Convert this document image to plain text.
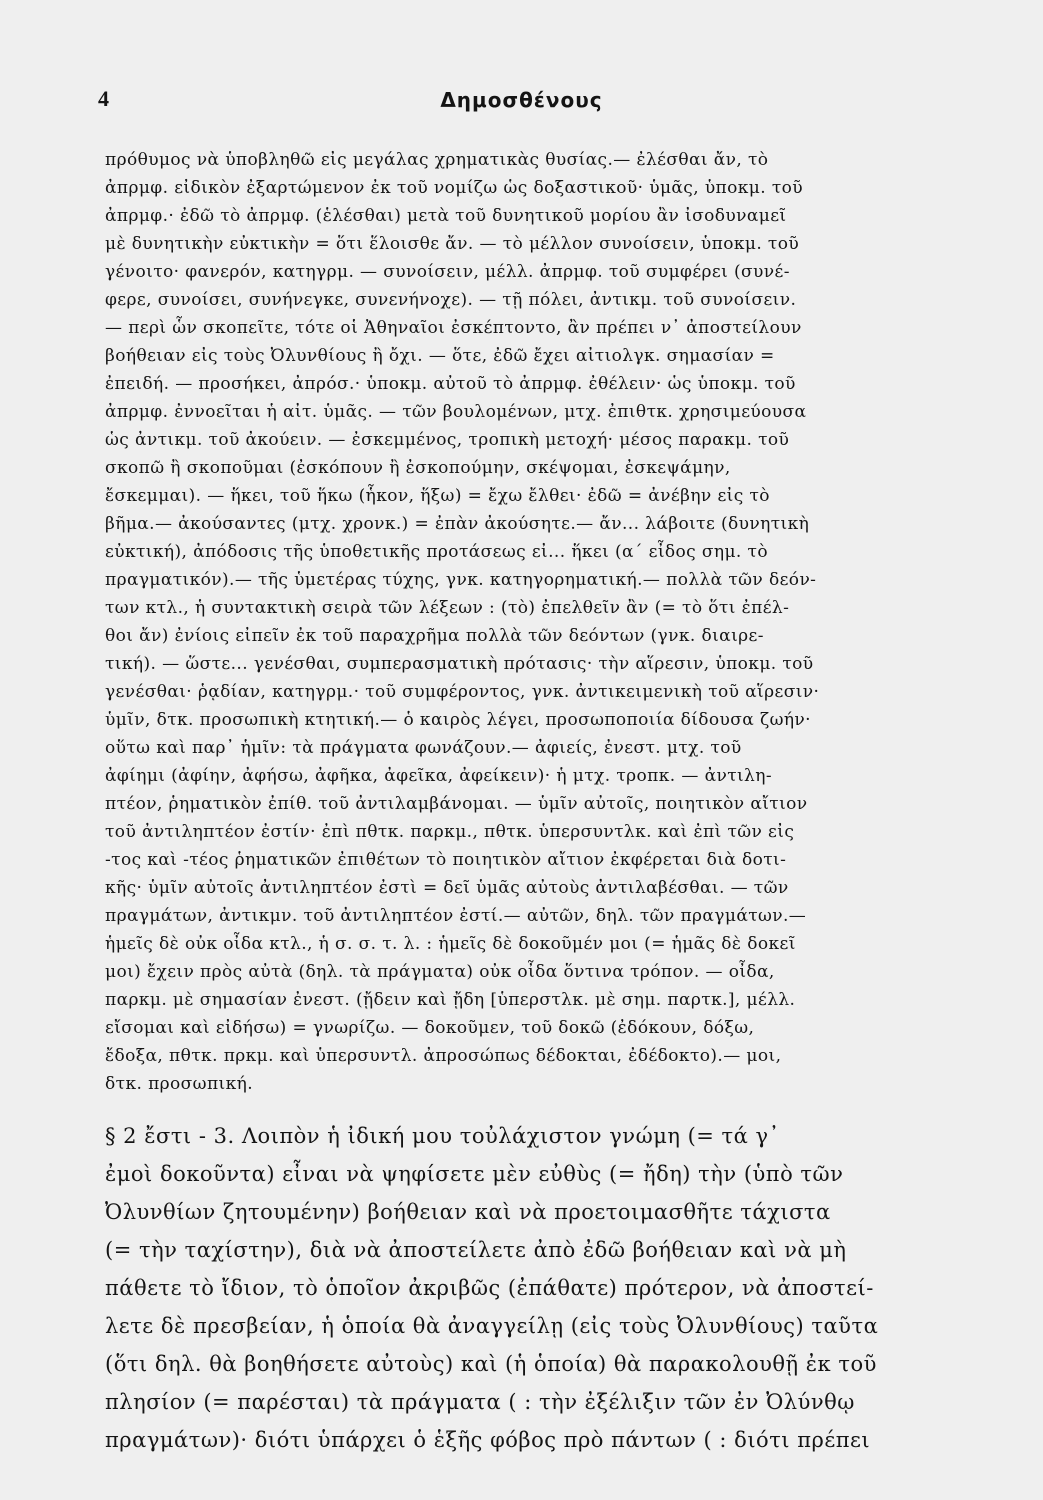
4	Δημοσθένους
πρόθυμος νὰ ὑποβληθῶ εἰς μεγάλας χρηματικὰς θυσίας.— ἐλέσθαι ἄν, τὸ
ἀπρμφ. εἰδικὸν ἐξαρτώμενον ἐκ τοῦ νομίζω ὡς δοξαστικοῦ· ὑμᾶς, ὑποκμ. τοῦ
ἀπρμφ.· ἐδῶ τὸ ἀπρμφ. (ἑλέσθαι) μετὰ τοῦ δυνητικοῦ μορίου ἂν ἰσοδυναμεῖ
μὲ δυνητικὴν εὐκτικὴν = ὅτι ἕλοισθε ἄν. — τὸ μέλλον συνοίσειν, ὑποκμ. τοῦ
γένοιτο· φανερόν, κατηγρμ. — συνοίσειν, μέλλ. ἀπρμφ. τοῦ συμφέρει (συνέ-
φερε, συνοίσει, συνήνεγκε, συνενήνοχε). — τῇ πόλει, ἀντικμ. τοῦ συνοίσειν.
— περὶ ὧν σκοπεῖτε, τότε οἱ Ἀθηναῖοι ἐσκέπτοντο, ἂν πρέπει ν᾽ ἀποστείλουν
βοήθειαν εἰς τοὺς Ὀλυνθίους ἢ ὄχι. — ὅτε, ἐδῶ ἔχει αἰτιολγκ. σημασίαν =
ἐπειδή. — προσήκει, ἀπρόσ.· ὑποκμ. αὐτοῦ τὸ ἀπρμφ. ἐθέλειν· ὡς ὑποκμ. τοῦ
ἀπρμφ. ἐννοεῖται ἡ αἰτ. ὑμᾶς. — τῶν βουλομένων, μτχ. ἐπιθτκ. χρησιμεύουσα
ὡς ἀντικμ. τοῦ ἀκούειν. — ἐσκεμμένος, τροπικὴ μετοχή· μέσος παρακμ. τοῦ
σκοπῶ ἢ σκοποῦμαι (ἐσκόπουν ἢ ἐσκοπούμην, σκέψομαι, ἐσκεψάμην,
ἔσκεμμαι). — ἥκει, τοῦ ἥκω (ἧκον, ἥξω) = ἔχω ἔλθει· ἐδῶ = ἀνέβην εἰς τὸ
βῆμα.— ἀκούσαντες (μτχ. χρονκ.) = ἐπὰν ἀκούσητε.— ἄν... λάβοιτε (δυνητικὴ
εὐκτική), ἀπόδοσις τῆς ὑποθετικῆς προτάσεως εἰ... ἥκει (α΄ εἶδος σημ. τὸ
πραγματικόν).— τῆς ὑμετέρας τύχης, γνκ. κατηγορηματική.— πολλὰ τῶν δεόν-
των κτλ., ἡ συντακτικὴ σειρὰ τῶν λέξεων : (τὸ) ἐπελθεῖν ἂν (= τὸ ὅτι ἐπέλ-
θοι ἄν) ἐνίοις εἰπεῖν ἐκ τοῦ παραχρῆμα πολλὰ τῶν δεόντων (γνκ. διαιρε-
τική). — ὥστε... γενέσθαι, συμπερασματικὴ πρότασις· τὴν αἵρεσιν, ὑποκμ. τοῦ
γενέσθαι· ῥᾳδίαν, κατηγρμ.· τοῦ συμφέροντος, γνκ. ἀντικειμενικὴ τοῦ αἵρεσιν·
ὑμῖν, δτκ. προσωπικὴ κτητική.— ὁ καιρὸς λέγει, προσωποποιία δίδουσα ζωήν·
οὕτω καὶ παρ᾽ ἡμῖν: τὰ πράγματα φωνάζουν.— ἀφιείς, ἐνεστ. μτχ. τοῦ
ἀφίημι (ἀφίην, ἀφήσω, ἀφῆκα, ἀφεῖκα, ἀφείκειν)· ἡ μτχ. τροπκ. — ἀντιλη-
πτέον, ῥηματικὸν ἐπίθ. τοῦ ἀντιλαμβάνομαι. — ὑμῖν αὐτοῖς, ποιητικὸν αἴτιον
τοῦ ἀντιληπτέον ἐστίν· ἐπὶ πθτκ. παρκμ., πθτκ. ὑπερσυντλκ. καὶ ἐπὶ τῶν εἰς
-τος καὶ -τέος ῥηματικῶν ἐπιθέτων τὸ ποιητικὸν αἴτιον ἐκφέρεται διὰ δοτι-
κῆς· ὑμῖν αὐτοῖς ἀντιληπτέον ἐστὶ = δεῖ ὑμᾶς αὐτοὺς ἀντιλαβέσθαι. — τῶν
πραγμάτων, ἀντικμν. τοῦ ἀντιληπτέον ἐστί.— αὐτῶν, δηλ. τῶν πραγμάτων.—
ἡμεῖς δὲ οὐκ οἶδα κτλ., ἡ σ. σ. τ. λ. : ἡμεῖς δὲ δοκοῦμέν μοι (= ἡμᾶς δὲ δοκεῖ
μοι) ἔχειν πρὸς αὐτὰ (δηλ. τὰ πράγματα) οὐκ οἶδα ὅντινα τρόπον. — οἶδα,
παρκμ. μὲ σημασίαν ἐνεστ. (ᾔδειν καὶ ᾔδη [ὑπερστλκ. μὲ σημ. παρτκ.], μέλλ.
εἴσομαι καὶ εἰδήσω) = γνωρίζω. — δοκοῦμεν, τοῦ δοκῶ (ἐδόκουν, δόξω,
ἔδοξα, πθτκ. πρκμ. καὶ ὑπερσυντλ. ἀπροσώπως δέδοκται, ἐδέδοκτο).— μοι,
δτκ. προσωπική.
§ 2 ἔστι - 3. Λοιπὸν ἡ ἰδική μου τοὐλάχιστον γνώμη (= τά γ᾽
ἐμοὶ δοκοῦντα) εἶναι νὰ ψηφίσετε μὲν εὐθὺς (= ἤδη) τὴν (ὑπὸ τῶν
Ὀλυνθίων ζητουμένην) βοήθειαν καὶ νὰ προετοιμασθῆτε τάχιστα
(= τὴν ταχίστην), διὰ νὰ ἀποστείλετε ἀπὸ ἐδῶ βοήθειαν καὶ νὰ μὴ
πάθετε τὸ ἴδιον, τὸ ὁποῖον ἀκριβῶς (ἐπάθατε) πρότερον, νὰ ἀποστεί-
λετε δὲ πρεσβείαν, ἡ ὁποία θὰ ἀναγγείλῃ (εἰς τοὺς Ὀλυνθίους) ταῦτα
(ὅτι δηλ. θὰ βοηθήσετε αὐτοὺς) καὶ (ἡ ὁποία) θὰ παρακολουθῇ ἐκ τοῦ
πλησίον (= παρέσται) τὰ πράγματα ( : τὴν ἐξέλιξιν τῶν ἐν Ὀλύνθῳ
πραγμάτων)· διότι ὑπάρχει ὁ ἑξῆς φόβος πρὸ πάντων ( : διότι πρέπει
